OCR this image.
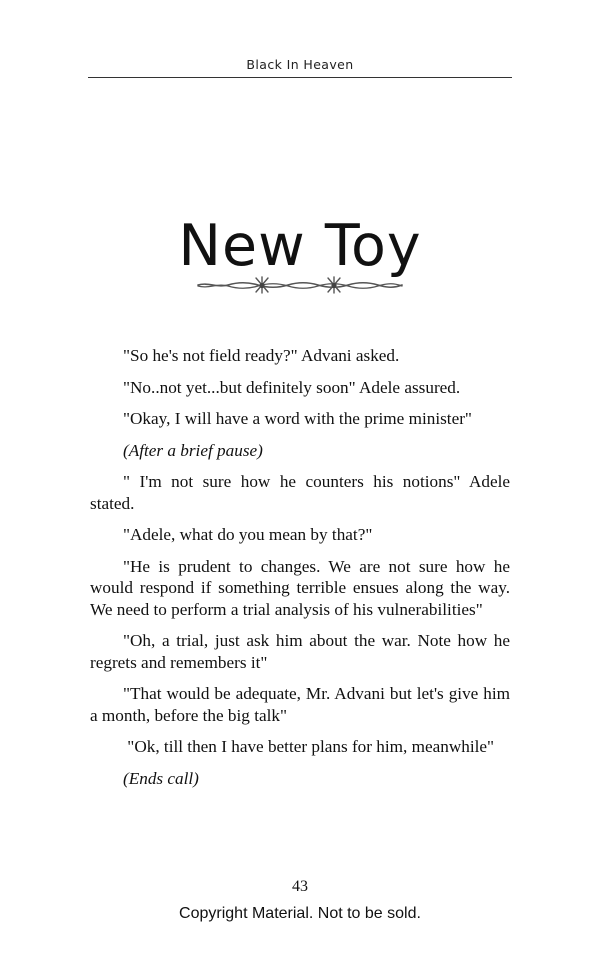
Black In Heaven
New Toy

"So he's not field ready?" Advani asked.

"No..not yet...but definitely soon" Adele assured.

"Okay, I will have a word with the prime minister"

(After a brief pause)

" I'm not sure how he counters his notions" Adele stated.

"Adele, what do you mean by that?"

"He is prudent to changes. We are not sure how he would respond if something terrible ensues along the way. We need to perform a trial analysis of his vulnerabilities"

"Oh, a trial, just ask him about the war. Note how he regrets and remembers it"

"That would be adequate, Mr. Advani but let's give him a month, before the big talk"

"Ok, till then I have better plans for him, meanwhile"

(Ends call)

43
Copyright Material. Not to be sold.
